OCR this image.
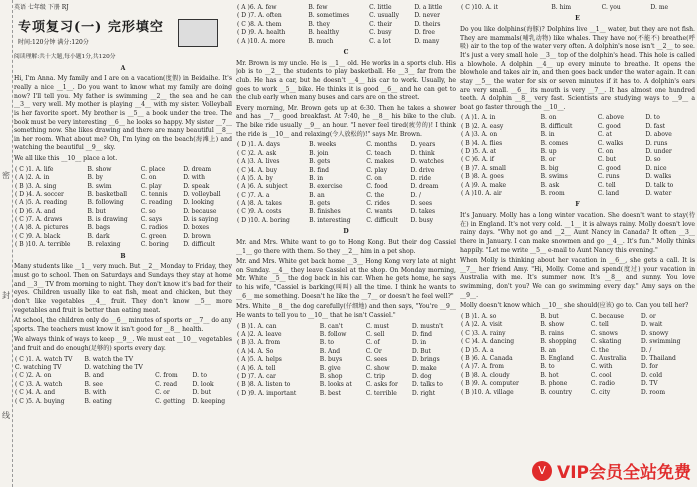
密
封
线
英语 七年级 下册 RJ
专项复习(一) 完形填空
时间:120分钟 满分:120分
阅读理解:共十大题,每小题1分,共120分
A

Hi, I'm Anna. My family and I are on a vacation(度假) in Beidaihe. It's really a nice __1__. Do you want to know what my family are doing now? I'll tell you. My father is swimming __2__ the sea and he can __3__ very well. My mother is playing __4__ with my sister. Volleyball is her favorite sport. My brother is __5__ a book under the tree. The book must be very interesting __6__ he looks so happy. My sister __7__ something now. She likes drawing and there are many beautiful __8__ in her room. What about me? Oh, I'm lying on the beach(海滩上) and watching the beautiful __9__ sky.

We all like this __10__ place a lot.

( C )1. A. life	B. show	C. place	D. dream
( A )2. A. in	B. by	C. on	D. with
( B )3. A. sing	B. swim	C. play	D. speak
( D )4. A. soccer	B. basketball	C. tennis	D. volleyball
( A )5. A. reading	B. following	C. reading	D. looking
( D )6. A. and	B. but	C. so	D. because
( C )7. A. draws	B. is drawing	C. says	D. is saying
( A )8. A. pictures	B. bags	C. radios	D. boxes
( C )9. A. black	B. dark	C. green	D. brown
( B )10. A. terrible	B. relaxing	C. boring	D. difficult
B

Many students like __1__ very much. But __2__ Monday to Friday, they must go to school. Then on Saturdays and Sundays they stay at home and __3__ TV from morning to night. They don't know it's bad for their eyes. Children usually like to eat fish, meat and chicken, but they don't like vegetables __4__ fruit. They don't know __5__ more vegetables and fruit is better than eating meat.

At school, the children only do __6__ minutes of sports or __7__ do any sports. The teachers must know it isn't good for __8__ health.

We always think of ways to keep __9__. We must eat __10__ vegetables and fruit and do enough(足够的) sports every day.

( C )1. A. watch TV	B. watch the TV		
C. watching TV	D. watching the TV		
( C )2. A. on	B. and	C. from	D. to
( C )3. A. watch	B. see	C. read	D. look
( C )4. A. and	B. with	C. or	D. but
( C )5. A. buying	B. eating	C. getting	D. keeping
( A )6. A. few	B. few	C. little	D. a little
( D )7. A. often	B. sometimes	C. usually	D. never
( C )8. A. them	B. they	C. their	D. theirs
( D )9. A. health	B. healthy	C. busy	D. free
( A )10. A. more	B. much	C. a lot	D. many
C

Mr. Brown is my uncle. He is __1__ old. He works in a sports club. His job is to __2__ the students to play basketball. He __3__ far from the club. He has a car, but he doesn't __4__ his car to work. Usually, he goes to work __5__ bike. He thinks it is good __6__ and he can get to the club early when many buses and cars are on the street.

Every morning, Mr. Brown gets up at 6:30. Then he takes a shower and has __7__ good breakfast. At 7:40, he __8__ his bike to the club. The bike ride usually __9__ an hour. "I never feel tired(疲劳的)! I think the ride is __10__ and relaxing(令人放松的)!" says Mr. Brown.

( D )1. A. days	B. weeks	C. months	D. years
( C )2. A. ask	B. join	C. teach	D. think
( A )3. A. lives	B. gets	C. makes	D. watches
( C )4. A. buy	B. find	C. play	D. drive
( A )5. A. by	B. in	C. on	D. ride
( A )6. A. subject	B. exercise	C. food	D. dream
( C )7. A. a	B. an	C. the	D. /
( A )8. A. takes	B. gets	C. rides	D. sees
( C )9. A. costs	B. finishes	C. wants	D. takes
( D )10. A. boring	B. interesting	C. difficult	D. busy
D

Mr. and Mrs. White want to go to Hong Kong. But their dog Cassiel __1__ go there with them. So they __2__ him in a pet shop.

Mr. and Mrs. White get back home __3__ Hong Kong very late at night on Sunday. __4__ they leave Cassiel at the shop. On Monday morning, Mr. White __5__ the dog back in his car. When he gets home, he says to his wife, "Cassiel is barking(叫叫) all the time. I think he wants to __6__ me something. Doesn't he like the __7__ or doesn't he feel well?"

Mrs. White __8__ the dog carefully(仔细地) and then says, "You're __9__ He wants to tell you to __10__ that he isn't Cassiel."

( B )1. A. can	B. can't	C. must	D. mustn't
( A )2. A. leave	B. follow	C. sell	D. find
( B )3. A. from	B. to	C. of	D. in
( A )4. A. So	B. And	C. Or	D. But
( A )5. A. helps	B. buys	C. sees	D. brings
( A )6. A. tell	B. give	C. show	D. make
( D )7. A. car	B. shop	C. trip	D. dog
( B )8. A. listen to	B. looks at	C. asks for	D. talks to
( D )9. A. important	B. best	C. terrible	D. right
( C )10. A. it	B. him	C. you	D. me
E

Do you like dolphins(海豚)? Dolphins live __1__ water, but they are not fish. They are mammals(哺乳动物) like whales. They have no(不能不) breathe(呼吸) air to the top of the water very often. A dolphin's nose isn't __2__ to see. It's just a very small hole __3__ top of the dolphin's head. This hole is called a blowhole. A dolphin __4__ up every minute to breathe. It opens the blowhole and takes air in, and then goes back under the water again. It can stay __5__ the water for six or seven minutes if it has to. A dolphin's ears are very small. __6__ its mouth is very __7__. It has almost one hundred teeth. A dolphin __8__ very fast. Scientists are studying ways to __9__ a boat go faster through the __10__.

( A )1. A. in	B. on	C. above	D. to
( B )2. A. easy	B. difficult	C. good	D. fast
( A )3. A. on	B. in	C. at	D. above
( B )4. A. flies	B. comes	C. walks	D. runs
( D )5. A. at	B. up	C. on	D. under
( C )6. A. if	B. or	C. but	D. so
( B )7. A. small	B. big	C. good	D. nice
( B )8. A. goes	B. swims	C. runs	D. walks
( A )9. A. make	B. ask	C. tell	D. talk to
( A )10. A. air	B. room	C. land	D. water
F

It's January. Molly has a long winter vacation. She doesn't want to stay(待在) in England. It's not very cold. __1__ it is always rainy. Molly doesn't love rainy days. "Why not go and __2__ Aunt Nancy in Canada? It often __3__ there in January. I can make snowmen and go __4__. It's fun." Molly thinks happily. "Let me write __5__ e-mail to Aunt Nancy this evening."

When Molly is thinking about her vacation in __6__, she gets a call. It is __7__ her friend Amy. "Hi, Molly. Come and spend(度过) your vacation in Australia with me. It's summer now. It's __8__ and sunny. You love swimming, don't you? We can go swimming every day." Amy says on the __9__.

Molly doesn't know which __10__ she should(应该) go to. Can you tell her?

( B )1. A. so	B. but	C. because	D. or
( A )2. A. visit	B. show	C. tell	D. wait
( C )3. A. rainy	B. rains	C. snows	D. snowy
( C )4. A. dancing	B. shopping	C. skating	D. swimming
( D )5. A. a	B. an	C. the	D. /
( B )6. A. Canada	B. England	C. Australia	D. Thailand
( A )7. A. from	B. to	C. with	D. for
( B )8. A. cloudy	B. hot	C. cool	D. cold
( B )9. A. computer	B. phone	C. radio	D. TV
( B )10. A. village	B. country	C. city	D. room
V VIP会员全站免费
